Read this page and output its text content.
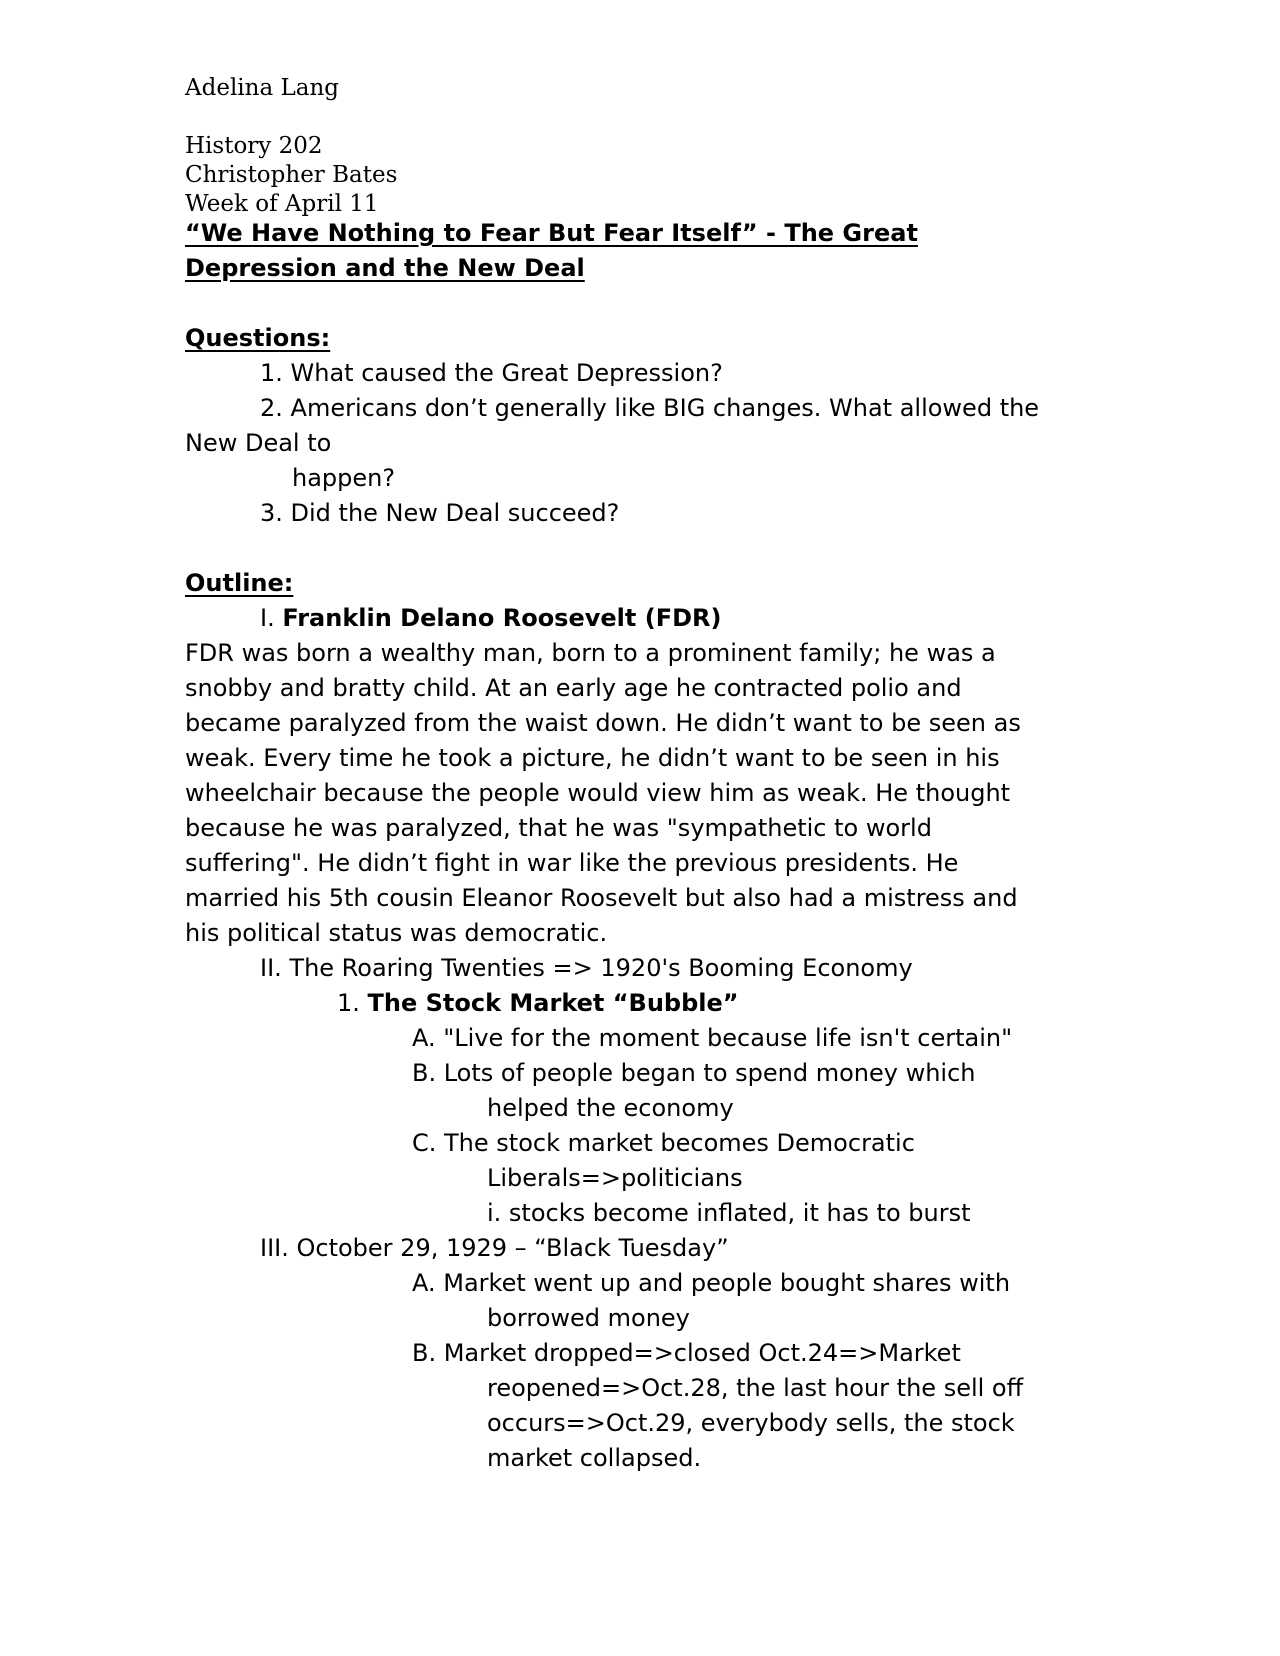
Adelina Lang
History 202
Christopher Bates
Week of April 11
“We Have Nothing to Fear But Fear Itself” - The Great
Depression and the New Deal
Questions:
1. What caused the Great Depression?
2. Americans don’t generally like BIG changes. What allowed the
New Deal to
happen?
3. Did the New Deal succeed?
Outline:
I. Franklin Delano Roosevelt (FDR)
FDR was born a wealthy man, born to a prominent family; he was a
snobby and bratty child. At an early age he contracted polio and
became paralyzed from the waist down. He didn’t want to be seen as
weak. Every time he took a picture, he didn’t want to be seen in his
wheelchair because the people would view him as weak. He thought
because he was paralyzed, that he was "sympathetic to world
suffering". He didn’t fight in war like the previous presidents. He
married his 5th cousin Eleanor Roosevelt but also had a mistress and
his political status was democratic.
II. The Roaring Twenties => 1920's Booming Economy
1. The Stock Market “Bubble”
A. "Live for the moment because life isn't certain"
B. Lots of people began to spend money which
helped the economy
C. The stock market becomes Democratic
Liberals=>politicians
i. stocks become inflated, it has to burst
III. October 29, 1929 – “Black Tuesday”
A. Market went up and people bought shares with
borrowed money
B. Market dropped=>closed Oct.24=>Market
reopened=>Oct.28, the last hour the sell off
occurs=>Oct.29, everybody sells, the stock
market collapsed.
